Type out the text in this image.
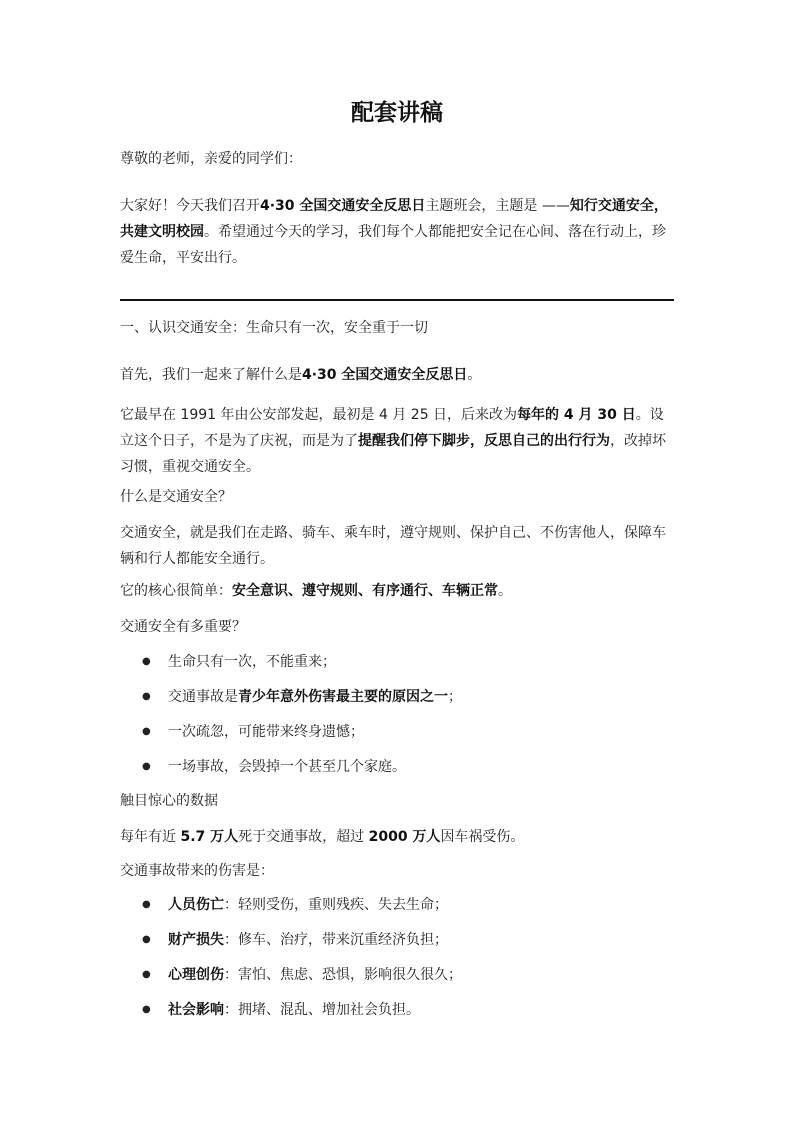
配套讲稿

尊敬的老师，亲爱的同学们：

大家好！今天我们召开4·30 全国交通安全反思日主题班会，主题是 ——知行交通安全，共建文明校园。希望通过今天的学习，我们每个人都能把安全记在心间、落在行动上，珍爱生命，平安出行。

一、认识交通安全：生命只有一次，安全重于一切

首先，我们一起来了解什么是4·30 全国交通安全反思日。

它最早在 1991 年由公安部发起，最初是 4 月 25 日，后来改为每年的 4 月 30 日。设立这个日子，不是为了庆祝，而是为了提醒我们停下脚步，反思自己的出行行为，改掉坏习惯，重视交通安全。

什么是交通安全？

交通安全，就是我们在走路、骑车、乘车时，遵守规则、保护自己、不伤害他人，保障车辆和行人都能安全通行。

它的核心很简单：安全意识、遵守规则、有序通行、车辆正常。

交通安全有多重要？

●	生命只有一次，不能重来；
●	交通事故是青少年意外伤害最主要的原因之一；
●	一次疏忽，可能带来终身遗憾；
●	一场事故，会毁掉一个甚至几个家庭。

触目惊心的数据

每年有近 5.7 万人死于交通事故，超过 2000 万人因车祸受伤。

交通事故带来的伤害是：

●	人员伤亡：轻则受伤，重则残疾、失去生命；
●	财产损失：修车、治疗，带来沉重经济负担；
●	心理创伤：害怕、焦虑、恐惧，影响很久很久；
●	社会影响：拥堵、混乱、增加社会负担。
